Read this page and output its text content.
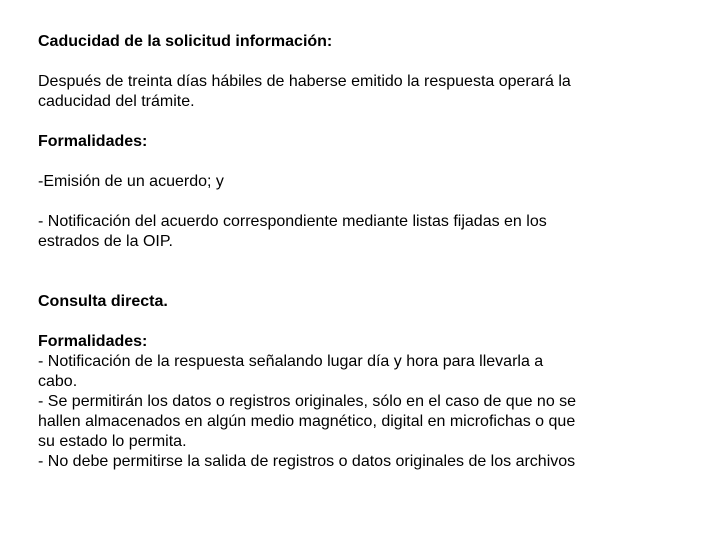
Caducidad de la solicitud información:
Después de treinta días hábiles de haberse emitido la respuesta operará la
caducidad del trámite.
Formalidades:
-Emisión de un acuerdo; y
- Notificación del acuerdo correspondiente mediante listas fijadas en los
estrados de la OIP.
Consulta directa.
Formalidades:
- Notificación de la respuesta señalando lugar día y hora para llevarla a
cabo.
- Se permitirán los datos o registros originales, sólo en el caso de que no se
hallen almacenados en algún medio magnético, digital en microfichas o que
su estado lo permita.
- No debe permitirse la salida de registros o datos originales de los archivos
